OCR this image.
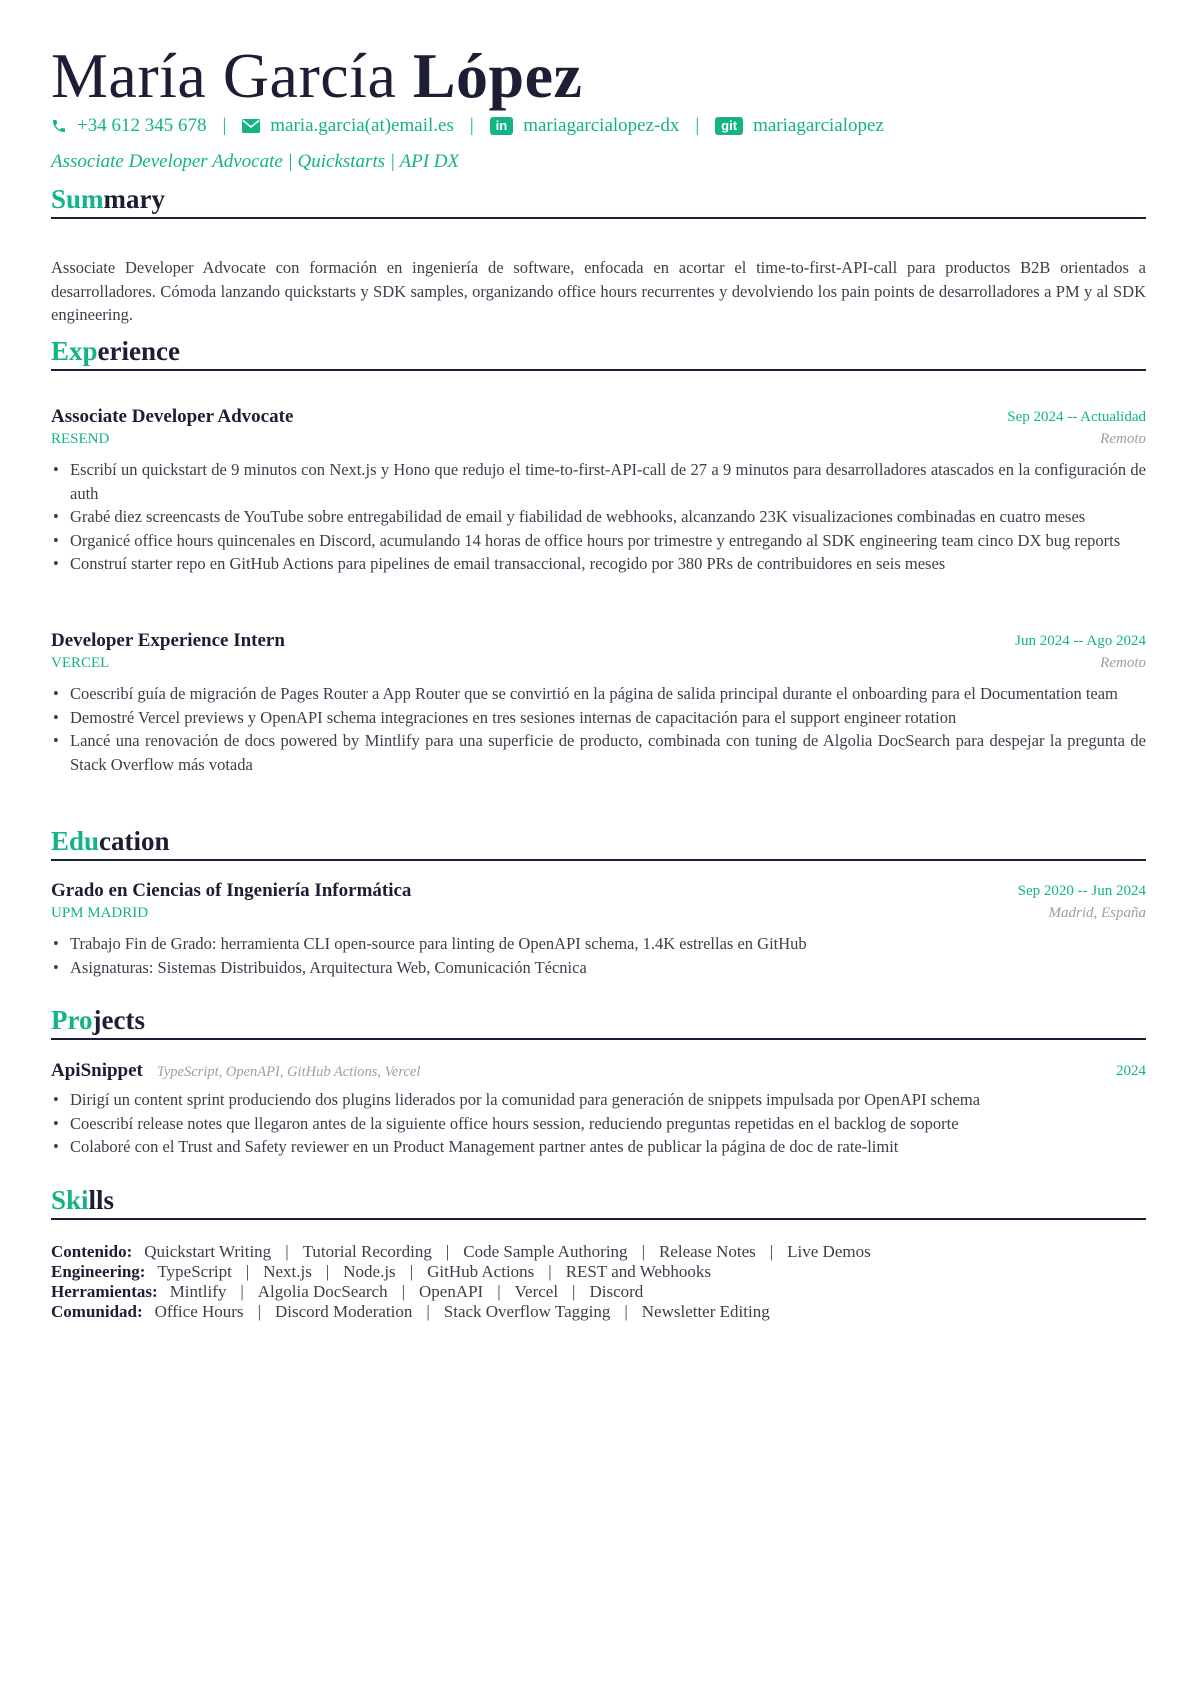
María García López
+34 612 345 678 | maria.garcia(at)email.es |	in mariagarcialopez-dx |	git mariagarcialopez
Associate Developer Advocate | Quickstarts | API DX
Summary

Associate Developer Advocate con formación en ingeniería de software, enfocada en acortar el time-to-first-API-call para productos B2B orientados a desarrolladores. Cómoda lanzando quickstarts y SDK samples, organizando office hours recurrentes y devolviendo los pain points de desarrolladores a PM y al SDK engineering.

Experience
Associate Developer Advocate	Sep 2024 -- Actualidad
RESEND	Remoto
• Escribí un quickstart de 9 minutos con Next.js y Hono que redujo el time-to-first-API-call de 27 a 9 minutos para desarrolladores atascados en la configuración de auth
• Grabé diez screencasts de YouTube sobre entregabilidad de email y fiabilidad de webhooks, alcanzando 23K visualizaciones combinadas en cuatro meses
• Organicé office hours quincenales en Discord, acumulando 14 horas de office hours por trimestre y entregando al SDK engineering team cinco DX bug reports
• Construí starter repo en GitHub Actions para pipelines de email transaccional, recogido por 380 PRs de contribuidores en seis meses
Developer Experience Intern	Jun 2024 -- Ago 2024
VERCEL	Remoto
• Coescribí guía de migración de Pages Router a App Router que se convirtió en la página de salida principal durante el onboarding para el Documentation team
• Demostré Vercel previews y OpenAPI schema integraciones en tres sesiones internas de capacitación para el support engineer rotation
• Lancé una renovación de docs powered by Mintlify para una superficie de producto, combinada con tuning de Algolia DocSearch para despejar la pregunta de Stack Overflow más votada
Education
Grado en Ciencias of Ingeniería Informática	Sep 2020 -- Jun 2024
UPM MADRID	Madrid, España
• Trabajo Fin de Grado: herramienta CLI open-source para linting de OpenAPI schema, 1.4K estrellas en GitHub
• Asignaturas: Sistemas Distribuidos, Arquitectura Web, Comunicación Técnica
Projects
ApiSnippet TypeScript, OpenAPI, GitHub Actions, Vercel	2024
• Dirigí un content sprint produciendo dos plugins liderados por la comunidad para generación de snippets impulsada por OpenAPI schema
• Coescribí release notes que llegaron antes de la siguiente office hours session, reduciendo preguntas repetidas en el backlog de soporte
• Colaboré con el Trust and Safety reviewer en un Product Management partner antes de publicar la página de doc de rate-limit
Skills
Contenido: Quickstart Writing | Tutorial Recording | Code Sample Authoring | Release Notes | Live Demos
Engineering: TypeScript | Next.js | Node.js | GitHub Actions | REST and Webhooks
Herramientas: Mintlify | Algolia DocSearch | OpenAPI | Vercel | Discord
Comunidad: Office Hours | Discord Moderation | Stack Overflow Tagging | Newsletter Editing
